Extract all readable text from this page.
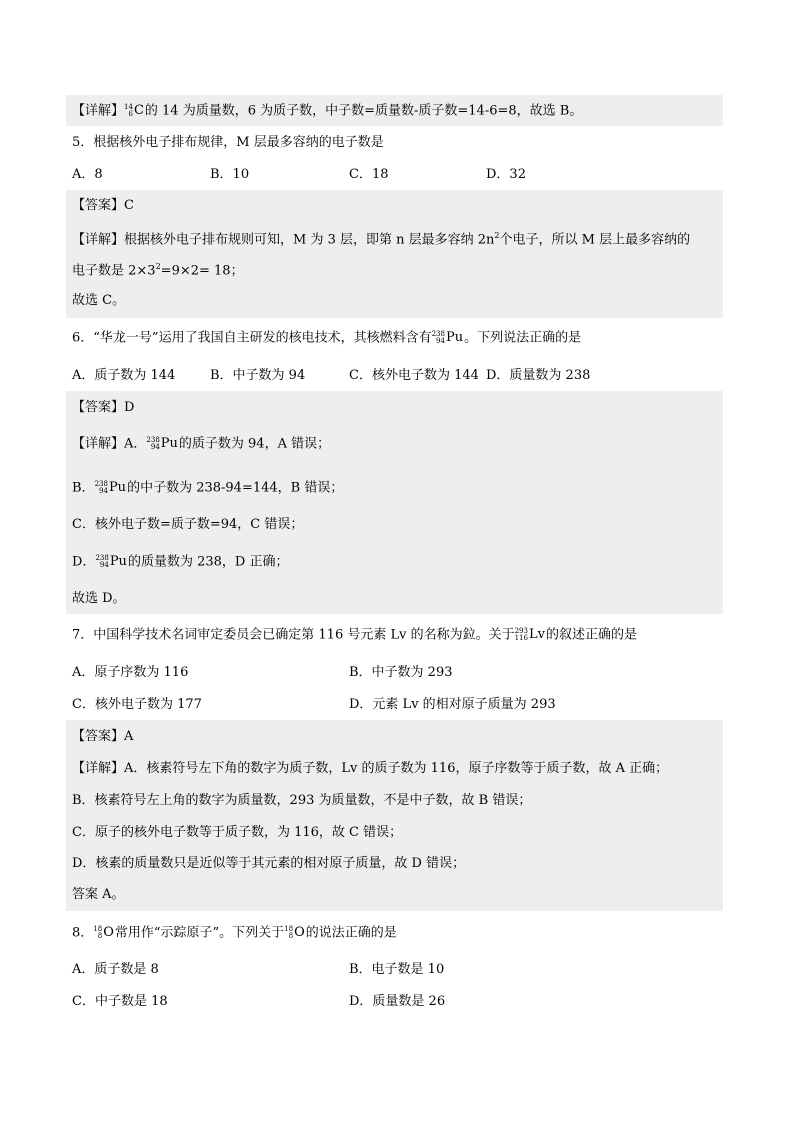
【详解】 14
6 C的 14 为质量数，6 为质子数，中子数=质量数-质子数=14-6=8，故选 B。
5．根据核外电子排布规律，M 层最多容纳的电子数是
A．8	B．10	C．18	D．32
【答案】C
【详解】根据核外电子排布规则可知，M 为 3 层，即第 n 层最多容纳 $2n^2$个电子，所以 M 层上最多容纳的
电子数是 $2\times 3^2=9\times 2= 18$；
故选 C。
6．“华龙一号”运用了我国自主研发的核电技术，其核燃料含有 238
94 Pu。下列说法正确的是
A．质子数为 144	B．中子数为 94	C．核外电子数为 144 D．质量数为 238
【答案】D
【详解】A． 238
94 Pu的质子数为 94，A 错误；
B． 238
94 Pu的中子数为 238-94=144，B 错误；
C．核外电子数=质子数=94，C 错误；
D． 238
94 Pu的质量数为 238，D 正确；
故选 D。
7．中国科学技术名词审定委员会已确定第 116 号元素 Lv 的名称为鉝。关于 293
116 Lv的叙述正确的是
A．原子序数为 116	B．中子数为 293
C．核外电子数为 177	D．元素 Lv 的相对原子质量为 293
【答案】A
【详解】A．核素符号左下角的数字为质子数，Lv 的质子数为 116，原子序数等于质子数，故 A 正确；
B．核素符号左上角的数字为质量数，293 为质量数，不是中子数，故 B 错误；
C．原子的核外电子数等于质子数，为 116，故 C 错误；
D．核素的质量数只是近似等于其元素的相对原子质量，故 D 错误；
答案 A。
8． 18
8 O常用作“示踪原子”。下列关于 18
8 O的说法正确的是
A．质子数是 8	B．电子数是 10
C．中子数是 18	D．质量数是 26
